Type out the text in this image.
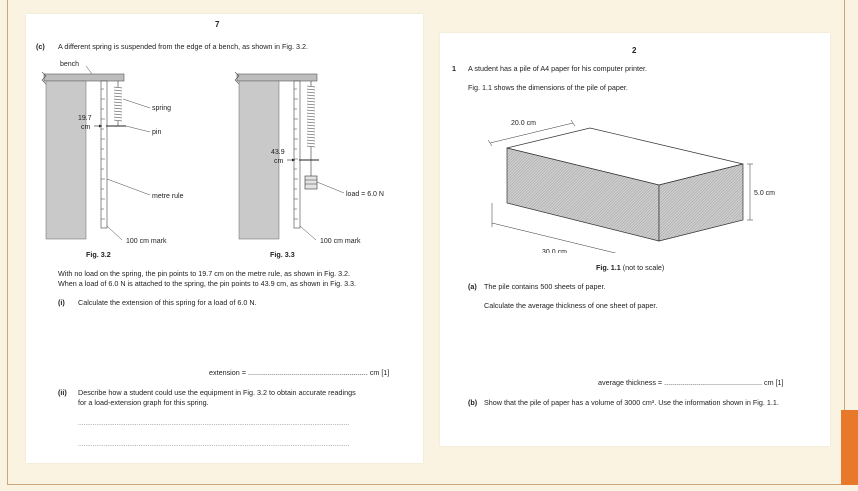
7
(c) A different spring is suspended from the edge of a bench, as shown in Fig. 3.2.
bench
spring
pin
19.7
cm
metre rule
100 cm mark
43.9
cm
load = 6.0 N
100 cm mark
Fig. 3.2	Fig. 3.3
With no load on the spring, the pin points to 19.7 cm on the metre rule, as shown in Fig. 3.2.
When a load of 6.0 N is attached to the spring, the pin points to 43.9 cm, as shown in Fig. 3.3.
(i) Calculate the extension of this spring for a load of 6.0 N.
extension = ............................................................ cm [1]
(ii) Describe how a student could use the equipment in Fig. 3.2 to obtain accurate readings
for a load-extension graph for this spring.
....................................................................................................................................................
....................................................................................................................................................
2
1 A student has a pile of A4 paper for his computer printer.
Fig. 1.1 shows the dimensions of the pile of paper.
20.0 cm
5.0 cm
30.0 cm
Fig. 1.1 (not to scale)
(a) The pile contains 500 sheets of paper.
Calculate the average thickness of one sheet of paper.
average thickness = ................................................. cm [1]
(b) Show that the pile of paper has a volume of 3000 cm³. Use the information shown in Fig. 1.1.
